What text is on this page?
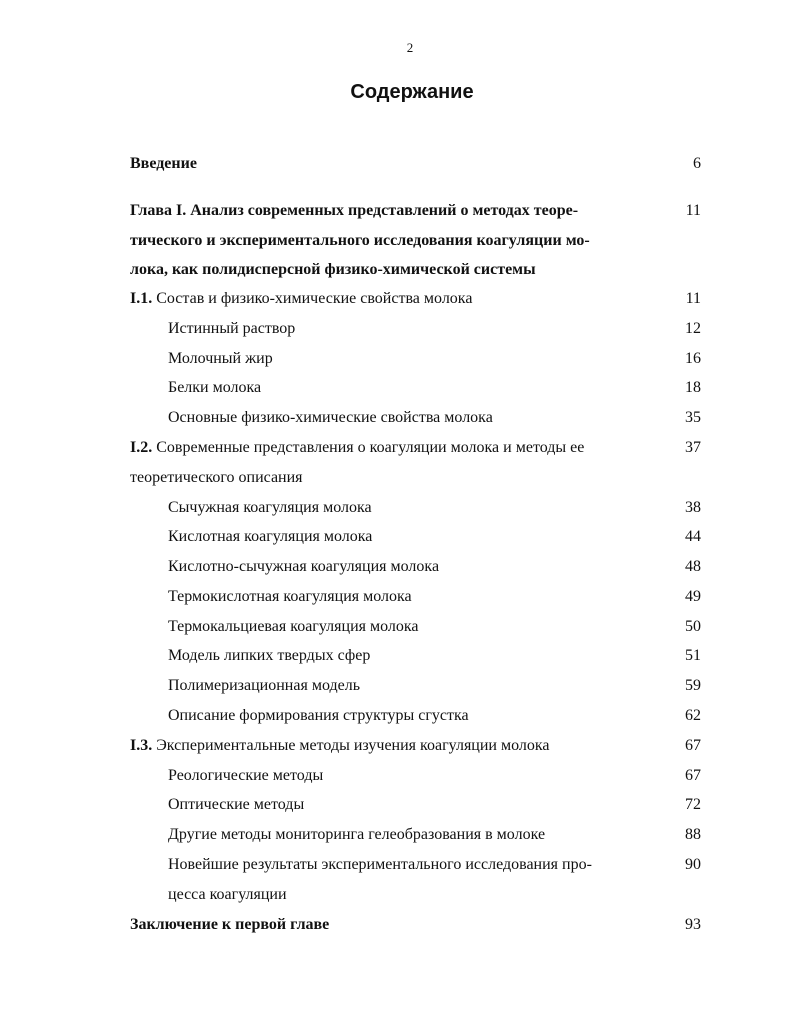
2
Содержание
Введение	6
Глава I. Анализ современных представлений о методах теоре-	11
тического и экспериментального исследования коагуляции мо-
лока, как полидисперсной физико-химической системы
I.1. Состав и физико-химические свойства молока	11
Истинный раствор	12
Молочный жир	16
Белки молока	18
Основные физико-химические свойства молока	35
I.2. Современные представления о коагуляции молока и методы ее	37
теоретического описания
Сычужная коагуляция молока	38
Кислотная коагуляция молока	44
Кислотно-сычужная коагуляция молока	48
Термокислотная коагуляция молока	49
Термокальциевая коагуляция молока	50
Модель липких твердых сфер	51
Полимеризационная модель	59
Описание формирования структуры сгустка	62
I.3. Экспериментальные методы изучения коагуляции молока	67
Реологические методы	67
Оптические методы	72
Другие методы мониторинга гелеобразования в молоке	88
Новейшие результаты экспериментального исследования про-	90
цесса коагуляции
Заключение к первой главе	93
